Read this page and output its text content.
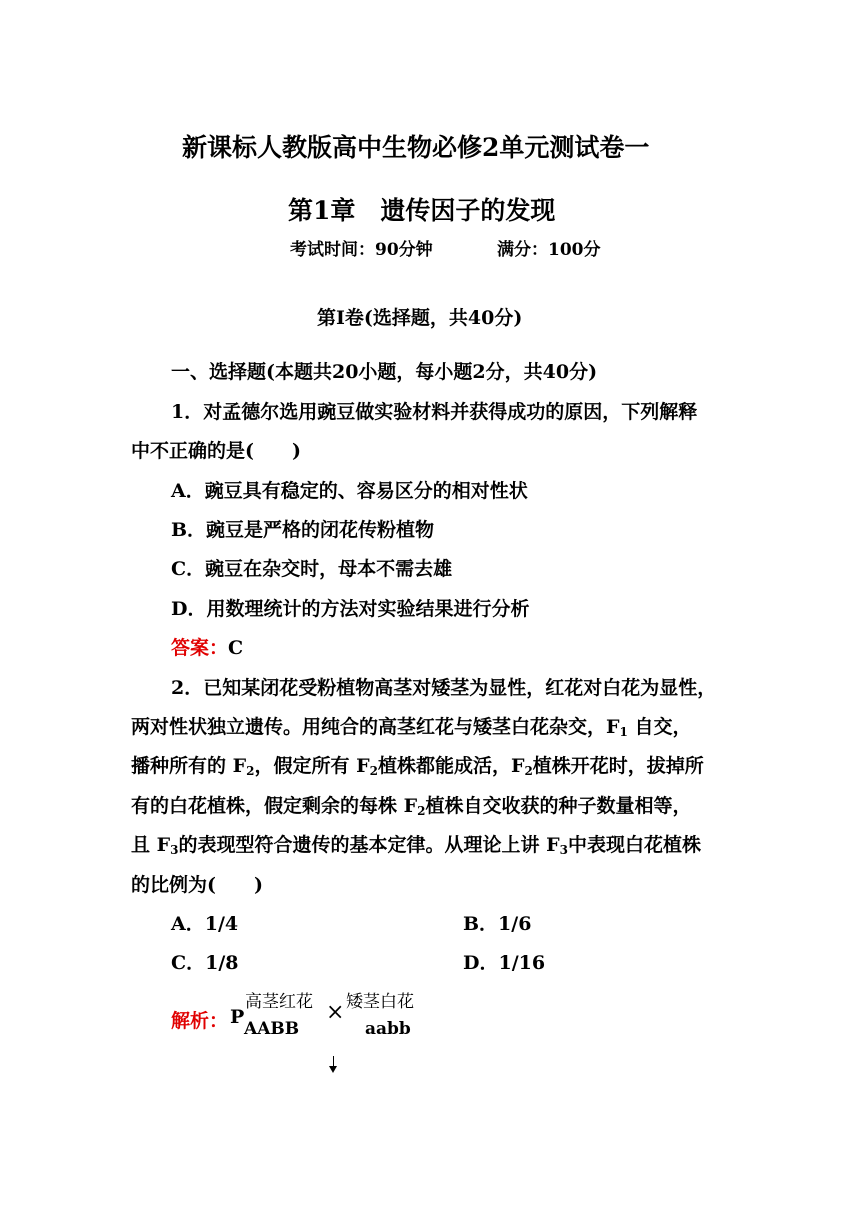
新课标人教版高中生物必修2单元测试卷一
第1章　遗传因子的发现
考试时间：90分钟	满分：100分
第Ⅰ卷(选择题，共40分)
一、选择题(本题共20小题，每小题2分，共40分)
1．对孟德尔选用豌豆做实验材料并获得成功的原因，下列解释
中不正确的是(　　)
A．豌豆具有稳定的、容易区分的相对性状
B．豌豆是严格的闭花传粉植物
C．豌豆在杂交时，母本不需去雄
D．用数理统计的方法对实验结果进行分析
答案：C
2．已知某闭花受粉植物高茎对矮茎为显性，红花对白花为显性，
两对性状独立遗传。用纯合的高茎红花与矮茎白花杂交，$F_1$ 自交，
播种所有的 $F_2$，假定所有 $F_2$植株都能成活，$F_2$植株开花时，拔掉所
有的白花植株，假定剩余的每株 $F_2$植株自交收获的种子数量相等，
且 $F_3$的表现型符合遗传的基本定律。从理论上讲 $F_3$中表现白花植株
的比例为(　　)
A．1/4	B．1/6
C．1/8	D．1/16
解析： P
高茎红花
AABB
× 矮茎白花
aabb
